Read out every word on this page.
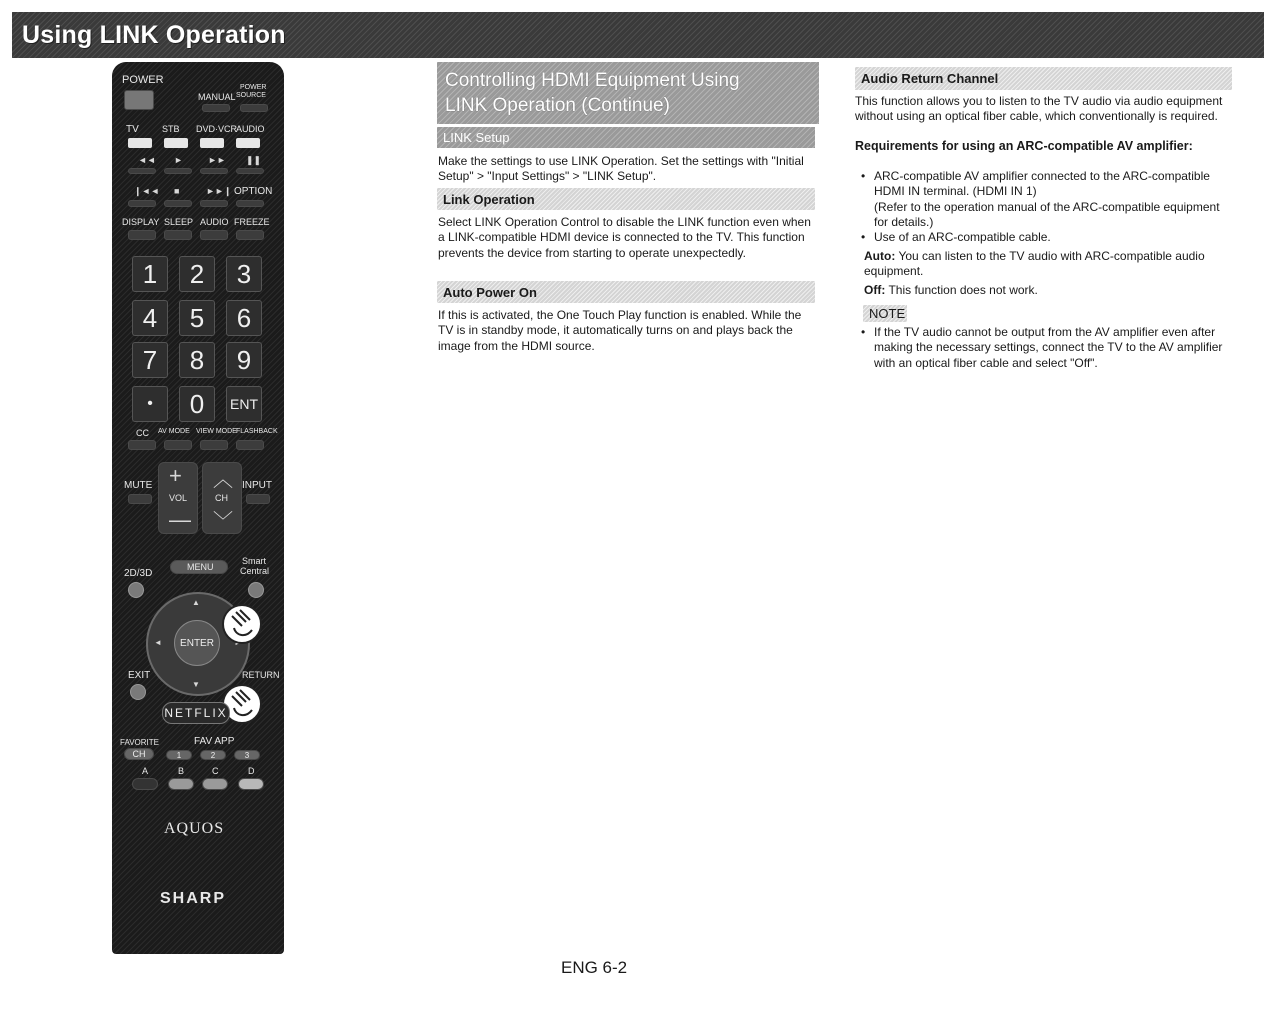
Using LINK Operation
POWER
MANUAL
POWER
SOURCE
TV	STB DVD·VCR
AUDIO
◄◄ ►	►► ❚❚
❙◄◄ ■	►►❙ OPTION
DISPLAY SLEEP AUDIO FREEZE
1	2	3
4	5	6
7	8	9
•	0	ENT
CC AV MODE VIEW MODE FLASHBACK
MUTE +
VOL
—
︿
CH
﹀
INPUT
2D/3D
MENU
Smart
Central
▲
▼
◄	ENTER
EXIT	RETURN
NETFLIX
FAVORITE	FAV APP
CH	1	2	3
A	B	C	D
AQUOS
SHARP
Controlling HDMI Equipment Using
LINK Operation (Continue)
LINK Setup
Make the settings to use LINK Operation. Set the settings with "Initial Setup" > "Input Settings" > "LINK Setup".
Link Operation
Select LINK Operation Control to disable the LINK function even when a LINK-compatible HDMI device is connected to the TV. This function prevents the device from starting to operate unexpectedly.
Auto Power On
If this is activated, the One Touch Play function is enabled. While the TV is in standby mode, it automatically turns on and plays back the image from the HDMI source.
Audio Return Channel
This function allows you to listen to the TV audio via audio equipment without using an optical fiber cable, which conventionally is required.
Requirements for using an ARC-compatible AV amplifier:
• ARC-compatible AV amplifier connected to the ARC-compatible HDMI IN terminal. (HDMI IN 1)
(Refer to the operation manual of the ARC-compatible equipment for details.)
• Use of an ARC-compatible cable.
Auto: You can listen to the TV audio with ARC-compatible audio equipment.
Off: This function does not work.
NOTE
• If the TV audio cannot be output from the AV amplifier even after making the necessary settings, connect the TV to the AV amplifier with an optical fiber cable and select "Off".
ENG 6-2
